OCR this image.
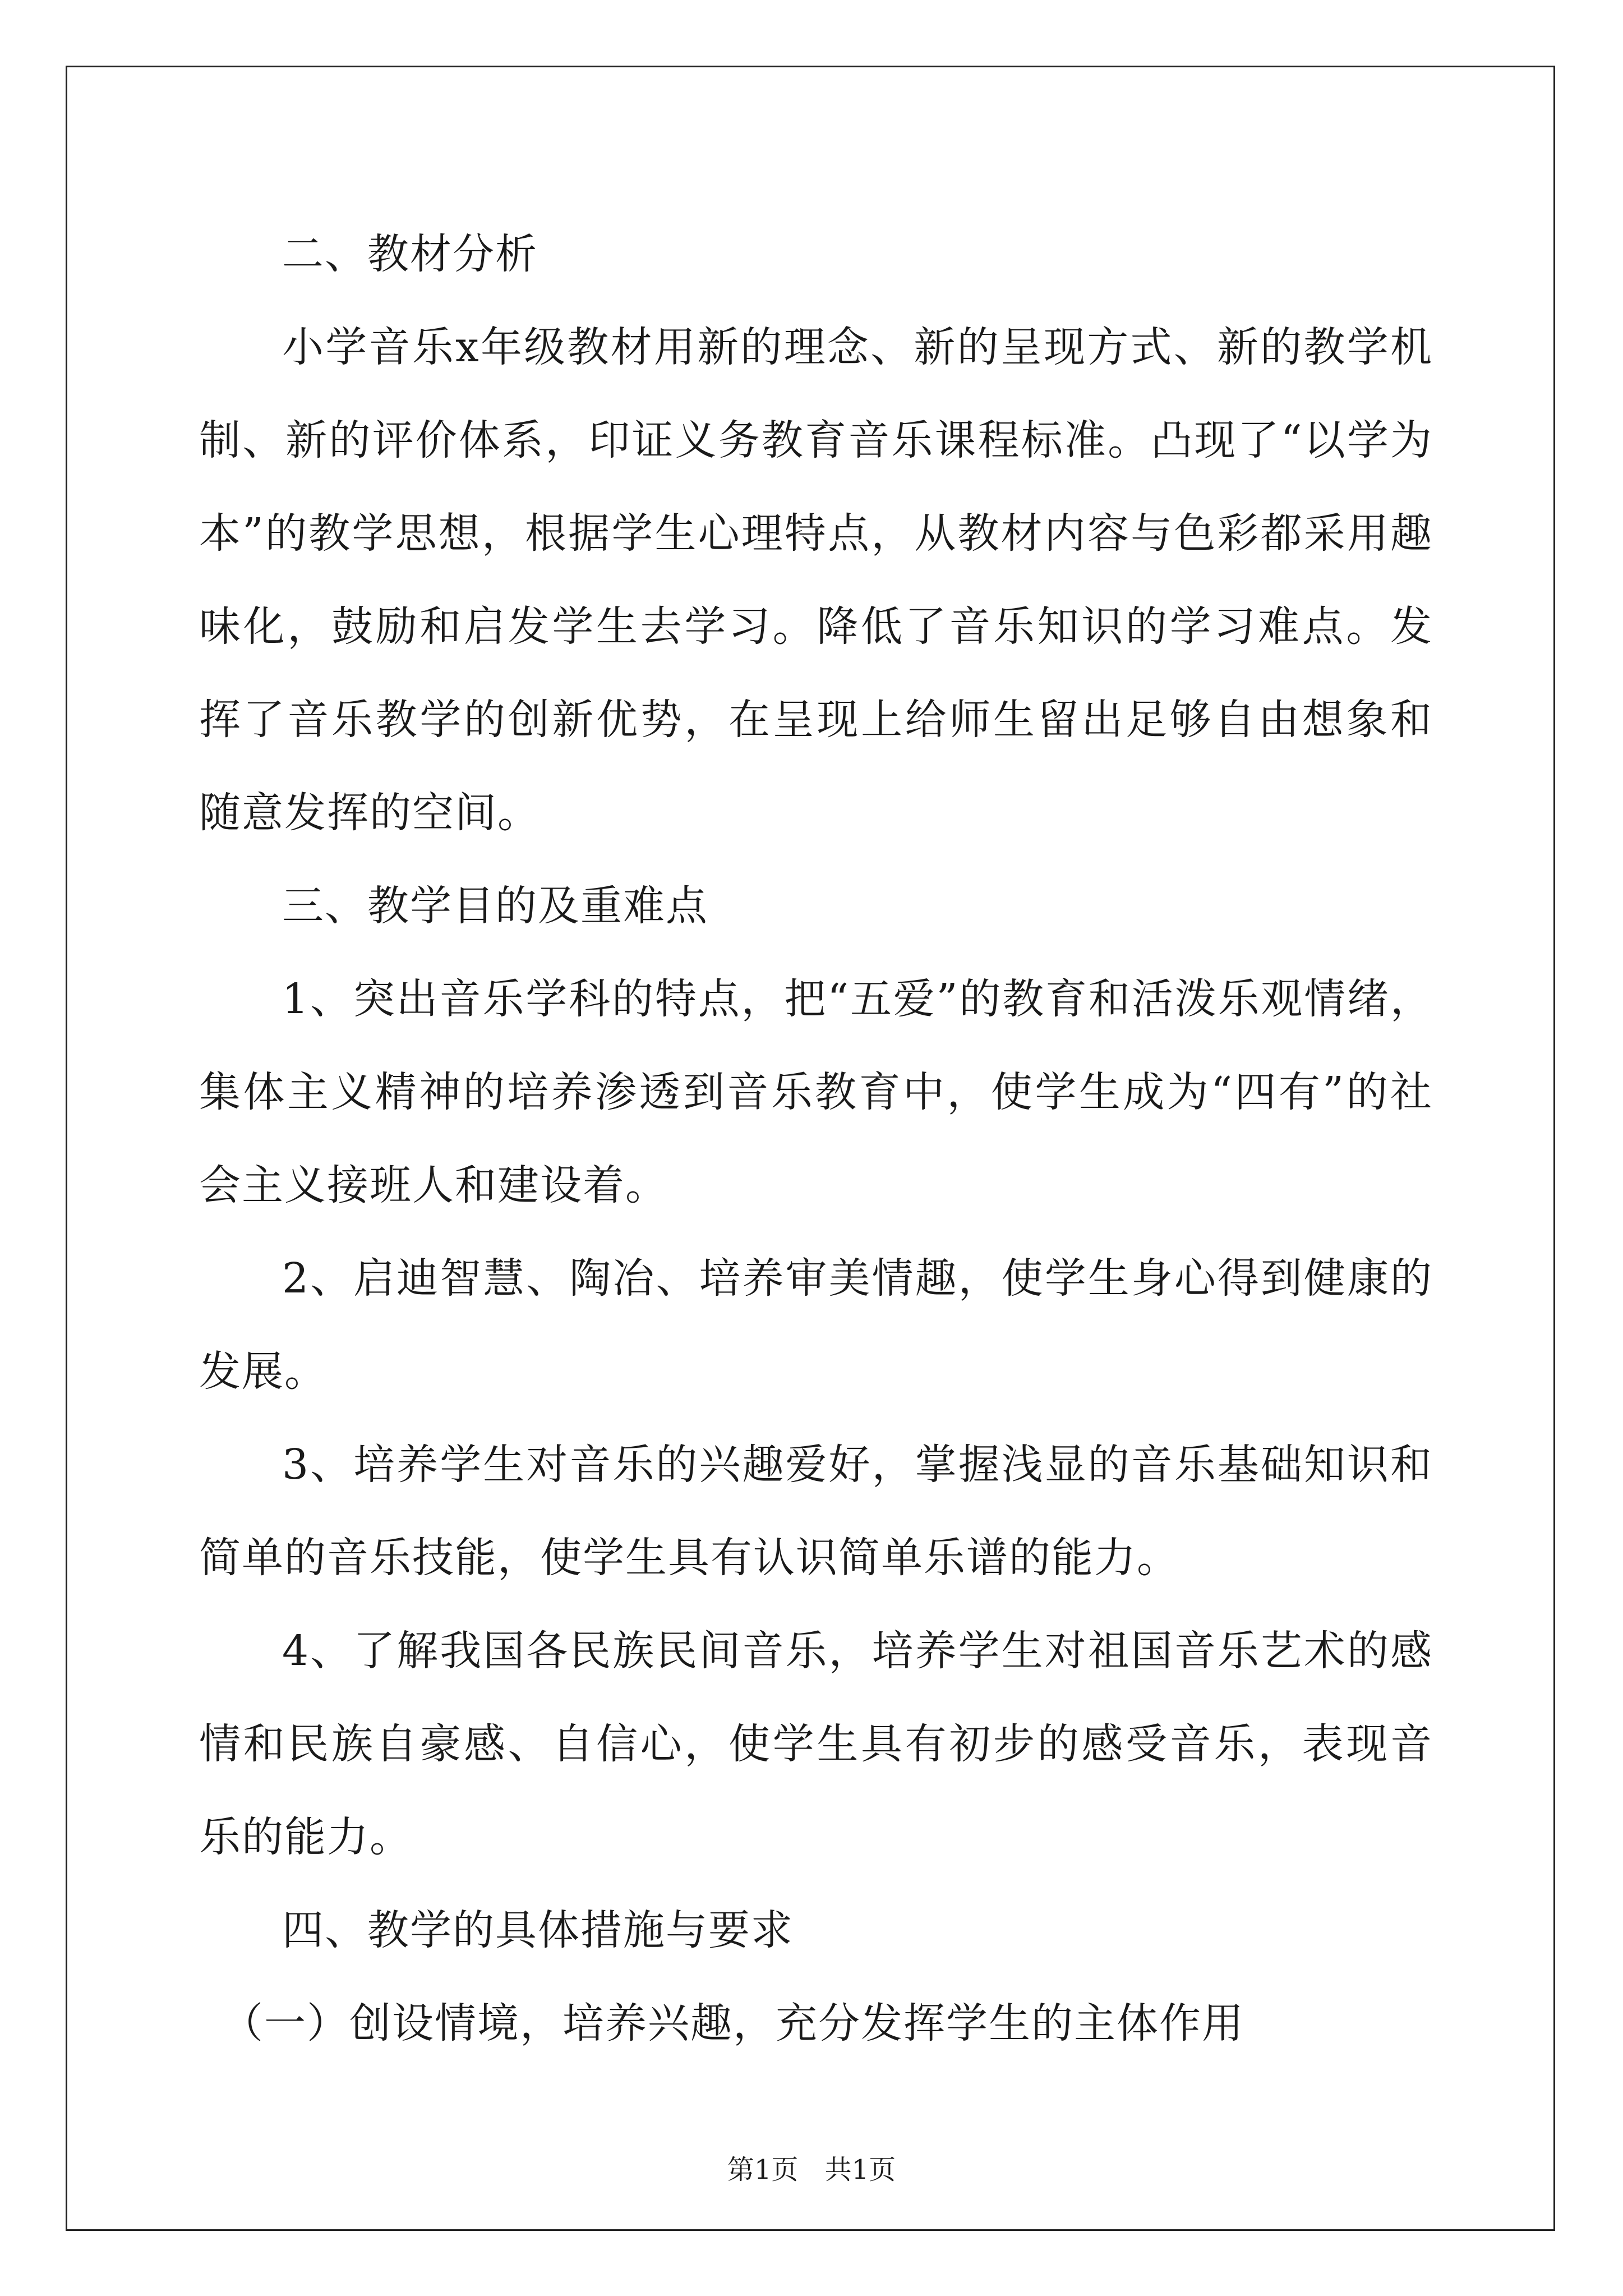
二、教材分析

小学音乐x年级教材用新的理念、新的呈现方式、新的教学机制、新的评价体系，印证义务教育音乐课程标准。凸现了“以学为本”的教学思想，根据学生心理特点，从教材内容与色彩都采用趣味化，鼓励和启发学生去学习。降低了音乐知识的学习难点。发挥了音乐教学的创新优势，在呈现上给师生留出足够自由想象和随意发挥的空间。

三、教学目的及重难点

1、突出音乐学科的特点，把“五爱”的教育和活泼乐观情绪，集体主义精神的培养渗透到音乐教育中，使学生成为“四有”的社会主义接班人和建设着。

2、启迪智慧、陶冶、培养审美情趣，使学生身心得到健康的发展。

3、培养学生对音乐的兴趣爱好，掌握浅显的音乐基础知识和简单的音乐技能，使学生具有认识简单乐谱的能力。

4、了解我国各民族民间音乐，培养学生对祖国音乐艺术的感情和民族自豪感、自信心，使学生具有初步的感受音乐，表现音乐的能力。

四、教学的具体措施与要求

（一）创设情境，培养兴趣，充分发挥学生的主体作用

第1页 共1页
